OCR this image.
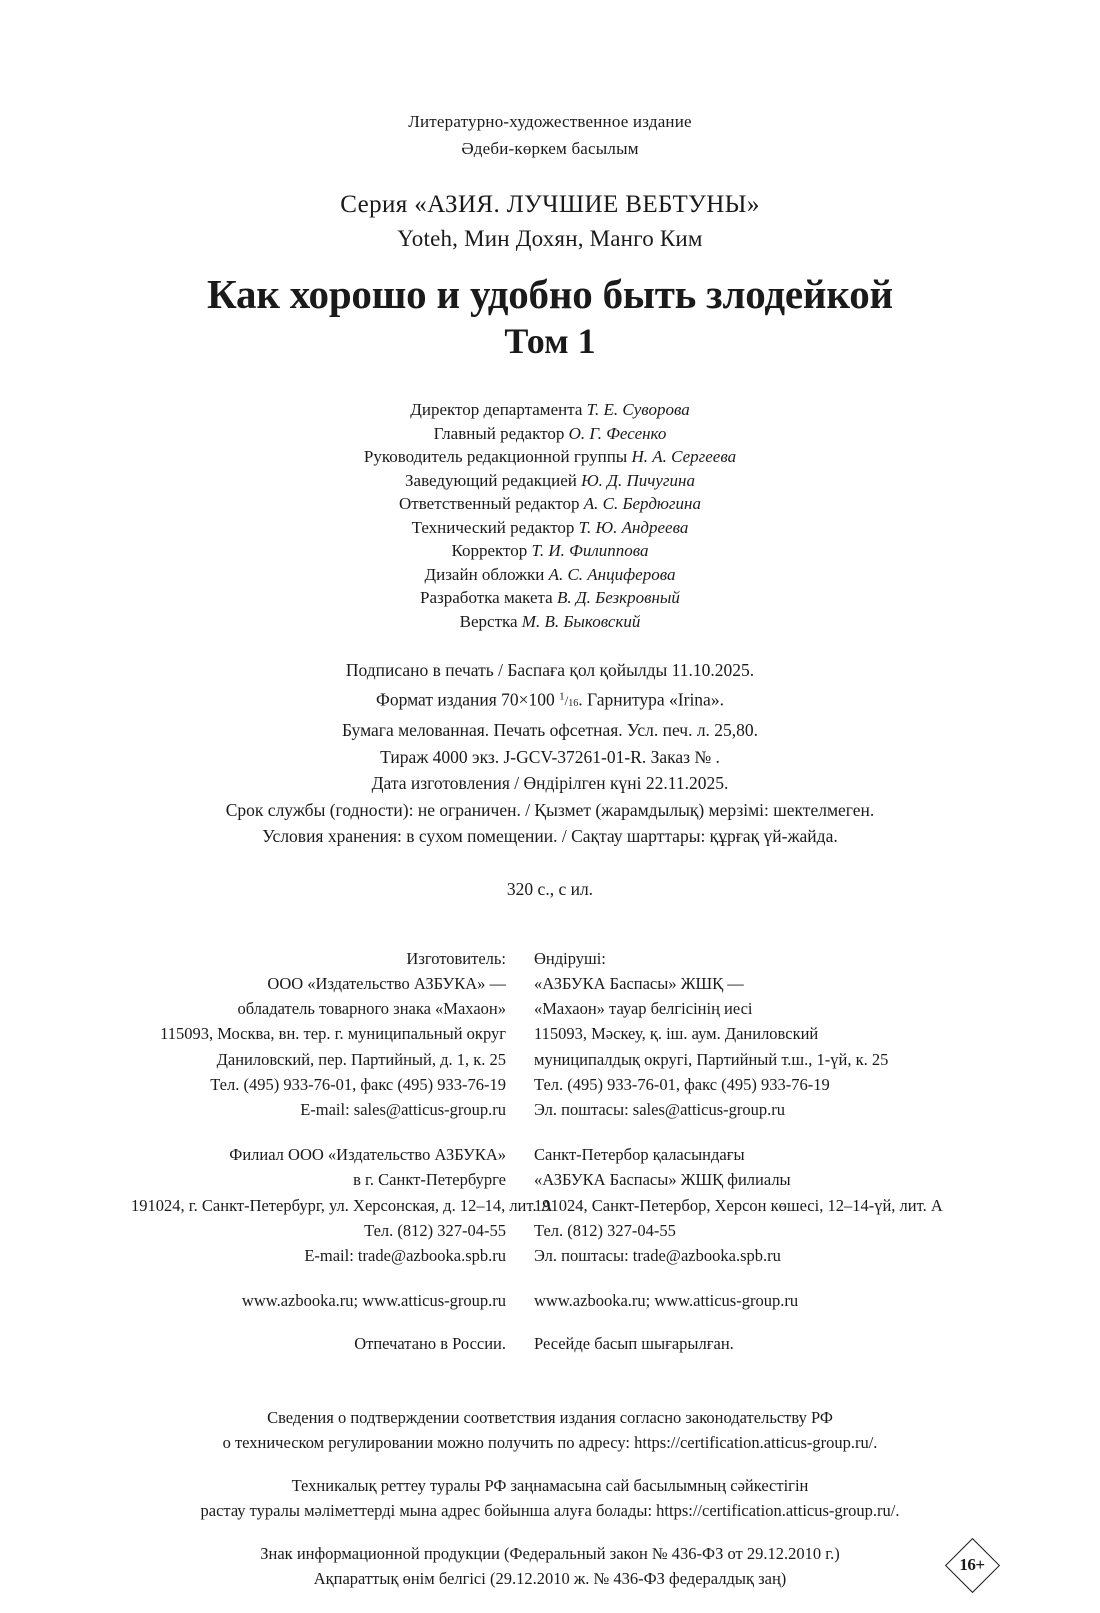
Литературно-художественное издание
Әдеби-көркем басылым
Серия «АЗИЯ. ЛУЧШИЕ ВЕБТУНЫ»
Yoteh, Мин Дохян, Манго Ким
Как хорошо и удобно быть злодейкой
Том 1
Директор департамента Т. Е. Суворова
Главный редактор О. Г. Фесенко
Руководитель редакционной группы Н. А. Сергеева
Заведующий редакцией Ю. Д. Пичугина
Ответственный редактор А. С. Бердюгина
Технический редактор Т. Ю. Андреева
Корректор Т. И. Филиппова
Дизайн обложки А. С. Анциферова
Разработка макета В. Д. Безкровный
Верстка М. В. Быковский
Подписано в печать / Баспаға қол қойылды 11.10.2025.
Формат издания 70×100 $^1$/16. Гарнитура «Irina».
Бумага мелованная. Печать офсетная. Усл. печ. л. 25,80.
Тираж 4000 экз. J-GCV-37261-01-R. Заказ № .
Дата изготовления / Өндірілген күні 22.11.2025.
Срок службы (годности): не ограничен. / Қызмет (жарамдылық) мерзімі: шектелмеген.
Условия хранения: в сухом помещении. / Сақтау шарттары: құрғақ үй-жайда.
320 с., с ил.
Изготовитель:
ООО «Издательство АЗБУКА» —
обладатель товарного знака «Махаон»
115093, Москва, вн. тер. г. муниципальный округ
Даниловский, пер. Партийный, д. 1, к. 25
Тел. (495) 933-76-01, факс (495) 933-76-19
E-mail: sales@atticus-group.ru
Филиал ООО «Издательство АЗБУКА»
в г. Санкт-Петербурге
191024, г. Санкт-Петербург, ул. Херсонская, д. 12–14, лит. А
Тел. (812) 327-04-55
E-mail: trade@azbooka.spb.ru
Өндіруші:
«АЗБУКА Баспасы» ЖШҚ —
«Махаон» тауар белгісінің иесі
115093, Мәскеу, қ. іш. аум. Даниловский
муниципалдық округі, Партийный т.ш., 1-үй, к. 25
Тел. (495) 933-76-01, факс (495) 933-76-19
Эл. поштасы: sales@atticus-group.ru
Санкт-Петербор қаласындағы
«АЗБУКА Баспасы» ЖШҚ филиалы
191024, Санкт-Петербор, Херсон көшесі, 12–14-үй, лит. А
Тел. (812) 327-04-55
Эл. поштасы: trade@azbooka.spb.ru
www.azbooka.ru; www.atticus-group.ru	www.azbooka.ru; www.atticus-group.ru
Отпечатано в России.	Ресейде басып шығарылған.
Сведения о подтверждении соответствия издания согласно законодательству РФ
о техническом регулировании можно получить по адресу: https://certification.atticus-group.ru/.
Техникалық реттеу туралы РФ заңнамасына сай басылымның сәйкестігін
растау туралы мәліметтерді мына адрес бойынша алуға болады: https://certification.atticus-group.ru/.
Знак информационной продукции (Федеральный закон № 436-ФЗ от 29.12.2010 г.)
Ақпараттық өнім белгісі (29.12.2010 ж. № 436-ФЗ федералдық заң)
16+
